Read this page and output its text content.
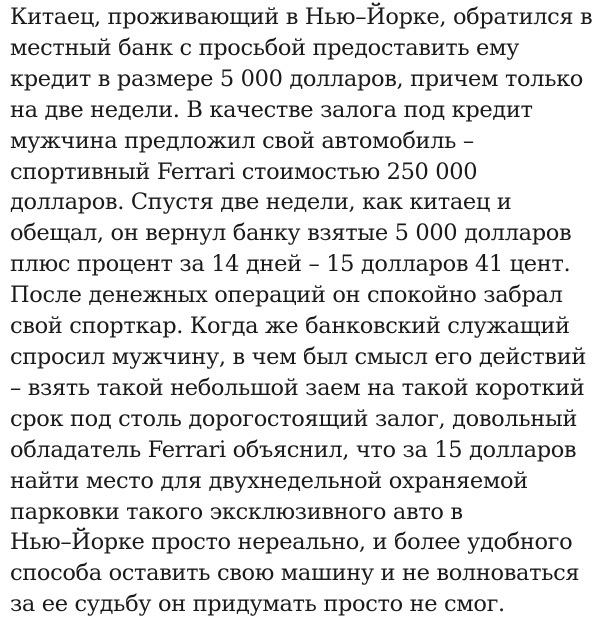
Китаец, проживающий в Нью–Йорке, обратился в
местный банк с просьбой предоставить ему
кредит в размере 5 000 долларов, причем только
на две недели. В качестве залога под кредит
мужчина предложил свой автомобиль –
спортивный Ferrari стоимостью 250 000
долларов. Спустя две недели, как китаец и
обещал, он вернул банку взятые 5 000 долларов
плюс процент за 14 дней – 15 долларов 41 цент.
После денежных операций он спокойно забрал
свой спорткар. Когда же банковский служащий
спросил мужчину, в чем был смысл его действий
– взять такой небольшой заем на такой короткий
срок под столь дорогостоящий залог, довольный
обладатель Ferrari объяснил, что за 15 долларов
найти место для двухнедельной охраняемой
парковки такого эксклюзивного авто в
Нью–Йорке просто нереально, и более удобного
способа оставить свою машину и не волноваться
за ее судьбу он придумать просто не смог.
